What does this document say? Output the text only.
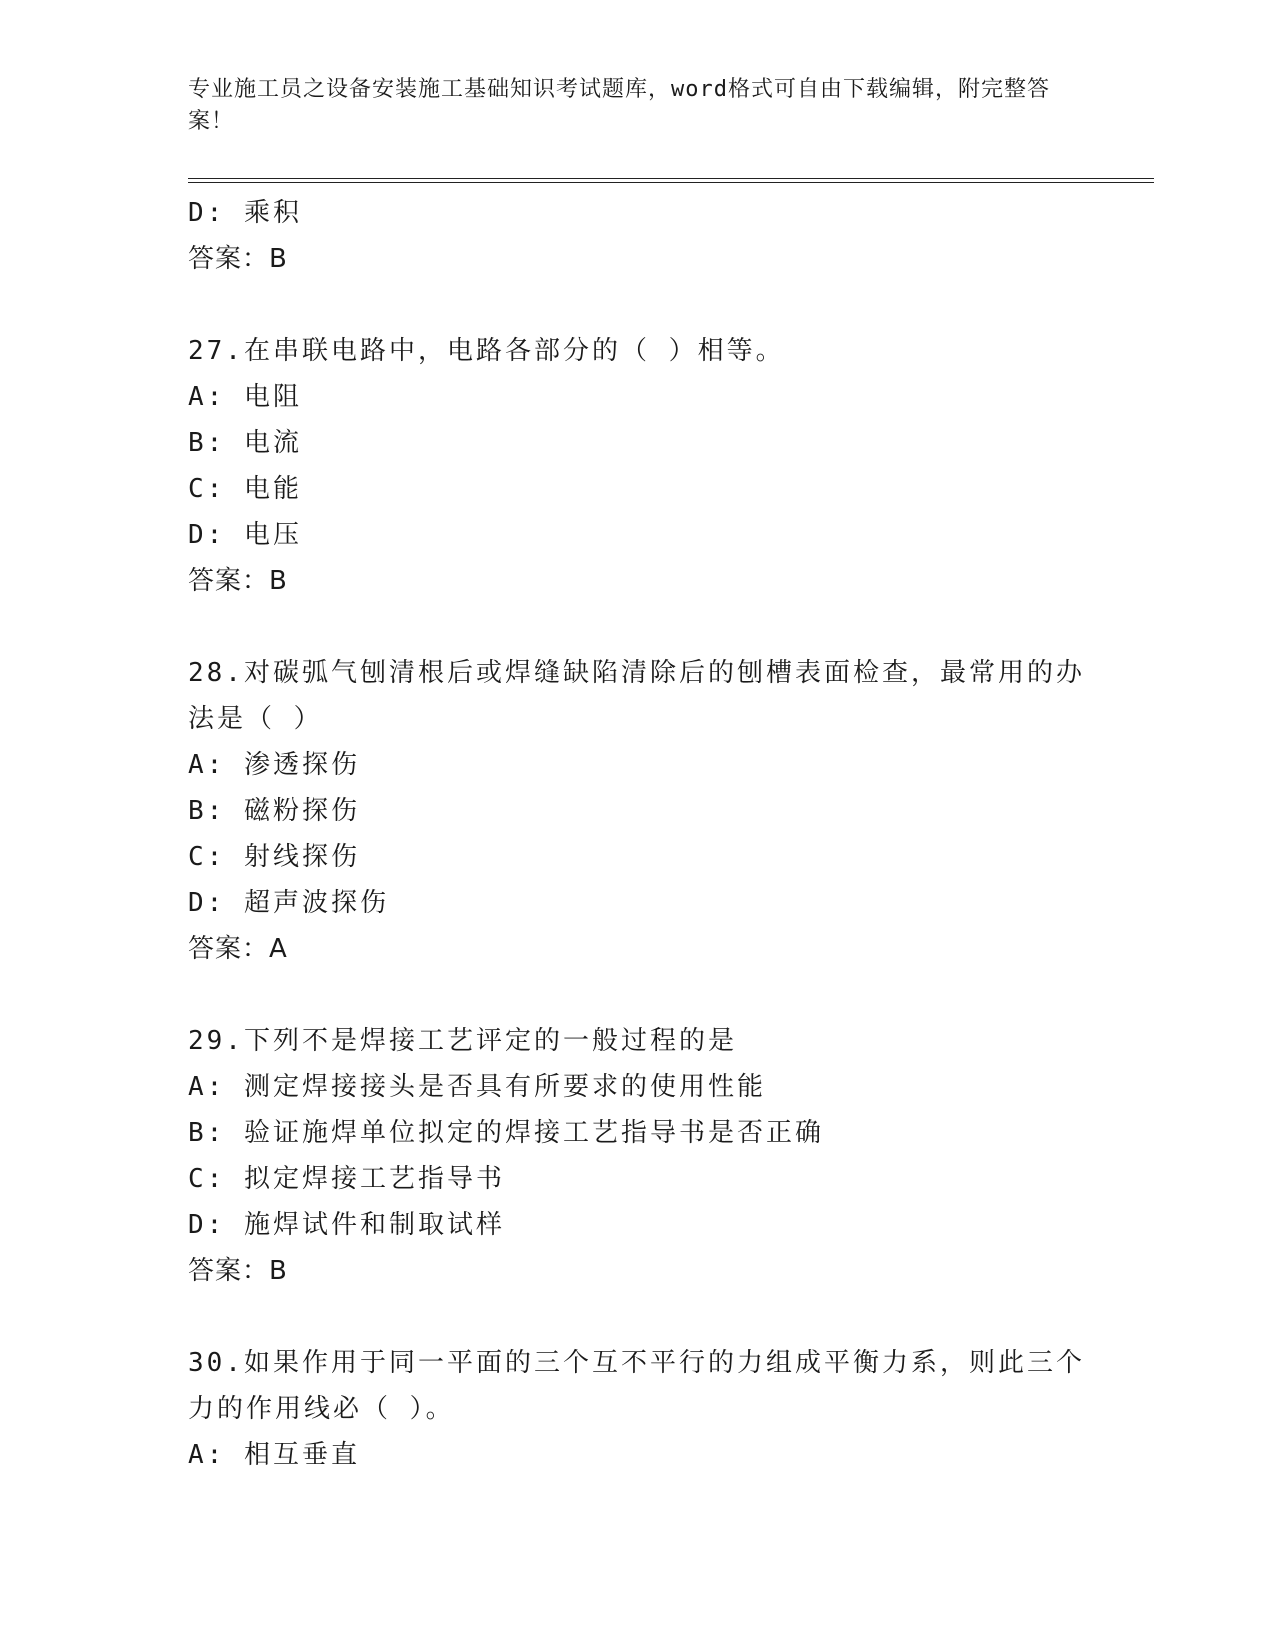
专业施工员之设备安装施工基础知识考试题库，word格式可自由下载编辑，附完整答案！
D: 乘积
答案：B
27.在串联电路中，电路各部分的（ ）相等。
A: 电阻
B: 电流
C: 电能
D: 电压
答案：B
28.对碳弧气刨清根后或焊缝缺陷清除后的刨槽表面检查，最常用的办法是（ ）
A: 渗透探伤
B: 磁粉探伤
C: 射线探伤
D: 超声波探伤
答案：A
29.下列不是焊接工艺评定的一般过程的是
A: 测定焊接接头是否具有所要求的使用性能
B: 验证施焊单位拟定的焊接工艺指导书是否正确
C: 拟定焊接工艺指导书
D: 施焊试件和制取试样
答案：B
30.如果作用于同一平面的三个互不平行的力组成平衡力系，则此三个力的作用线必（ ）。
A: 相互垂直
